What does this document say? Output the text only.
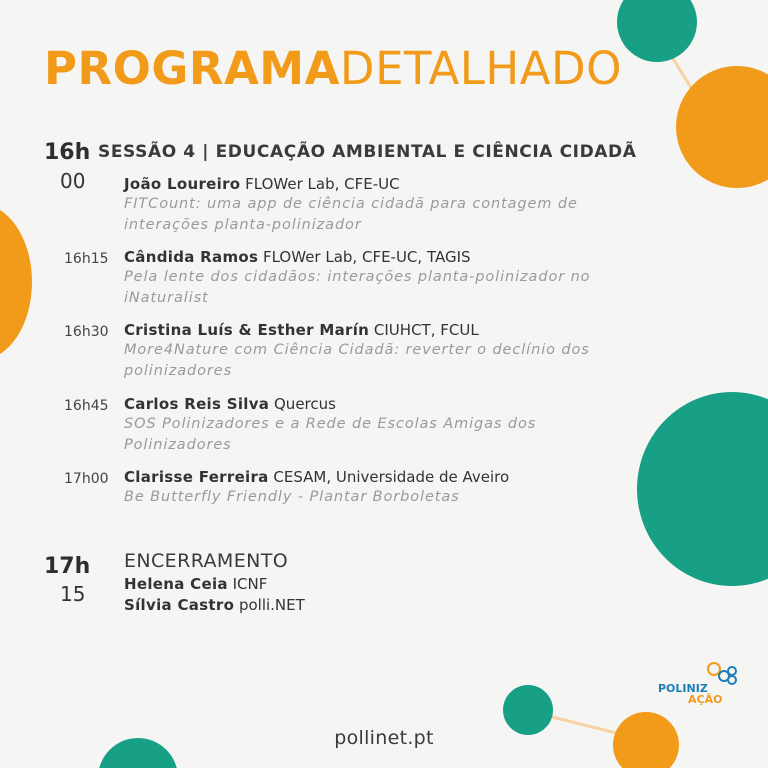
PROGRAMADETALHADO
16h
00
SESSÃO 4 | EDUCAÇÃO AMBIENTAL E CIÊNCIA CIDADÃ
João Loureiro FLOWer Lab, CFE-UC
FITCount: uma app de ciência cidadã para contagem de interações planta-polinizador
16h15 Cândida Ramos FLOWer Lab, CFE-UC, TAGIS
Pela lente dos cidadãos: interações planta-polinizador no iNaturalist
16h30 Cristina Luís & Esther Marín CIUHCT, FCUL
More4Nature com Ciência Cidadã: reverter o declínio dos polinizadores
16h45 Carlos Reis Silva Quercus
SOS Polinizadores e a Rede de Escolas Amigas dos Polinizadores
17h00 Clarisse Ferreira CESAM, Universidade de Aveiro
Be Butterfly Friendly - Plantar Borboletas
17h
15
ENCERRAMENTO
Helena Ceia ICNF
Sílvia Castro polli.NET
POLINIZ
AÇÃO
pollinet.pt
